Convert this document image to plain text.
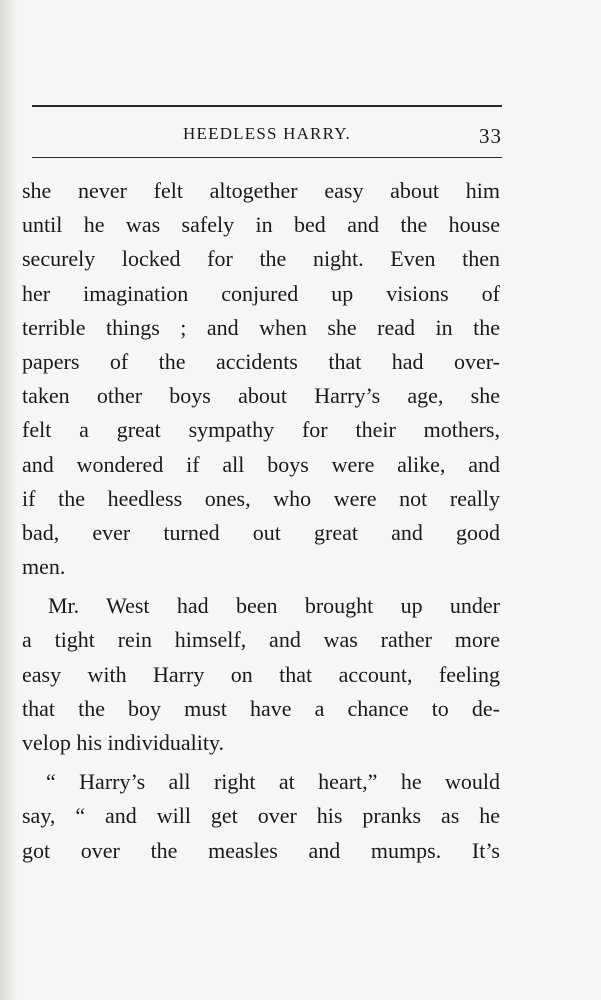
HEEDLESS HARRY.	33
she never felt altogether easy about him
until he was safely in bed and the house
securely locked for the night. Even then
her imagination conjured up visions of
terrible things ; and when she read in the
papers of the accidents that had over-
taken other boys about Harry’s age, she
felt a great sympathy for their mothers,
and wondered if all boys were alike, and
if the heedless ones, who were not really
bad, ever turned out great and good
men.
Mr. West had been brought up under
a tight rein himself, and was rather more
easy with Harry on that account, feeling
that the boy must have a chance to de-
velop his individuality.
“ Harry’s all right at heart,” he would
say, “ and will get over his pranks as he
got over the measles and mumps. It’s
